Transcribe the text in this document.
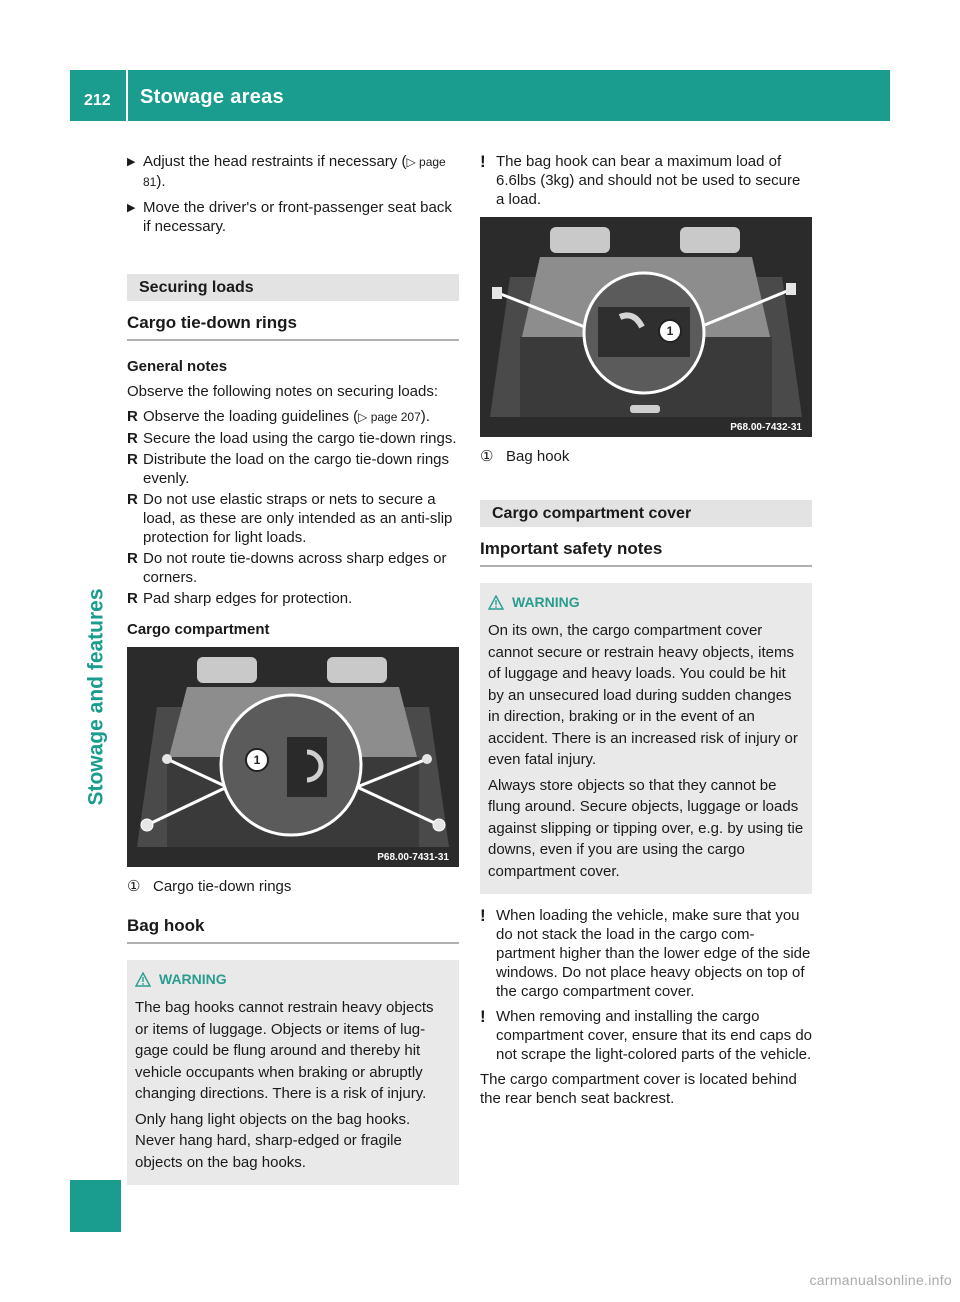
212 Stowage areas
Stowage and features
▶ Adjust the head restraints if necessary (▷ page 81).
▶ Move the driver's or front-passenger seat back if necessary.
Securing loads
Cargo tie-down rings
General notes

Observe the following notes on securing loads:

R Observe the loading guidelines (▷ page 207).
R Secure the load using the cargo tie-down rings.
R Distribute the load on the cargo tie-down rings evenly.
R Do not use elastic straps or nets to secure a load, as these are only intended as an anti-slip protection for light loads.
R Do not route tie-downs across sharp edges or corners.
R Pad sharp edges for protection.
Cargo compartment
1
P68.00-7431-31
① Cargo tie-down rings
Bag hook
WARNING

The bag hooks cannot restrain heavy objects or items of luggage. Objects or items of lug-gage could be flung around and thereby hit vehicle occupants when braking or abruptly changing directions. There is a risk of injury.

Only hang light objects on the bag hooks. Never hang hard, sharp-edged or fragile objects on the bag hooks.

! The bag hook can bear a maximum load of 6.6lbs (3kg) and should not be used to secure a load.
1
P68.00-7432-31
① Bag hook
Cargo compartment cover
Important safety notes
WARNING

On its own, the cargo compartment cover cannot secure or restrain heavy objects, items of luggage and heavy loads. You could be hit by an unsecured load during sudden changes in direction, braking or in the event of an accident. There is an increased risk of injury or even fatal injury.

Always store objects so that they cannot be flung around. Secure objects, luggage or loads against slipping or tipping over, e.g. by using tie downs, even if you are using the cargo compartment cover.

! When loading the vehicle, make sure that you do not stack the load in the cargo com-partment higher than the lower edge of the side windows. Do not place heavy objects on top of the cargo compartment cover.
! When removing and installing the cargo compartment cover, ensure that its end caps do not scrape the light-colored parts of the vehicle.

The cargo compartment cover is located behind the rear bench seat backrest.

carmanualsonline.info
